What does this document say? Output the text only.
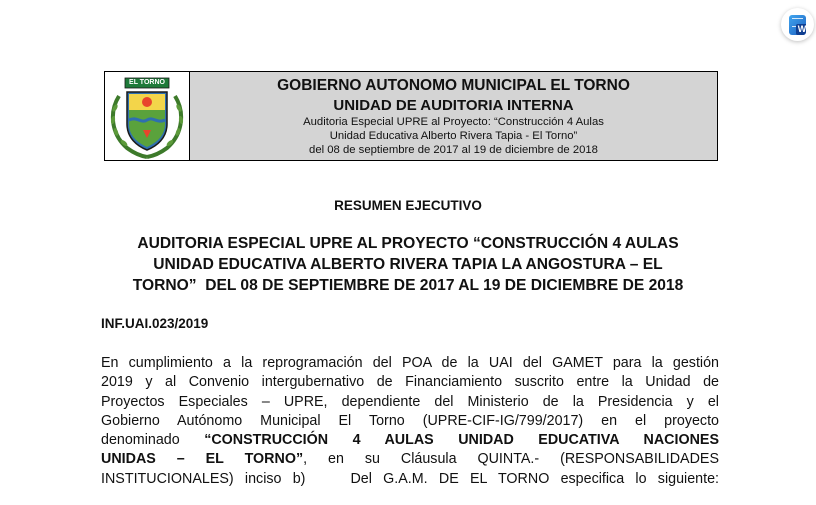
W
EL TORNO	GOBIERNO AUTONOMO MUNICIPAL EL TORNO
UNIDAD DE AUDITORIA INTERNA
Auditoria Especial UPRE al Proyecto: “Construcción 4 Aulas
Unidad Educativa Alberto Rivera Tapia - El Torno”
del 08 de septiembre de 2017 al 19 de diciembre de 2018
RESUMEN EJECUTIVO
AUDITORIA ESPECIAL UPRE AL PROYECTO “CONSTRUCCIÓN 4 AULAS
UNIDAD EDUCATIVA ALBERTO RIVERA TAPIA LA ANGOSTURA – EL
TORNO”  DEL 08 DE SEPTIEMBRE DE 2017 AL 19 DE DICIEMBRE DE 2018
INF.UAI.023/2019
En cumplimiento a la reprogramación del POA de la UAI del GAMET para la gestión
2019 y al Convenio intergubernativo de Financiamiento suscrito entre la Unidad de
Proyectos Especiales – UPRE, dependiente del Ministerio de la Presidencia y el
Gobierno Autónomo Municipal El Torno (UPRE-CIF-IG/799/2017) en el proyecto
denominado “CONSTRUCCIÓN 4 AULAS UNIDAD EDUCATIVA NACIONES
UNIDAS – EL TORNO”, en su Cláusula QUINTA.- (RESPONSABILIDADES
INSTITUCIONALES) inciso b)    Del G.A.M. DE EL TORNO especifica lo siguiente:
